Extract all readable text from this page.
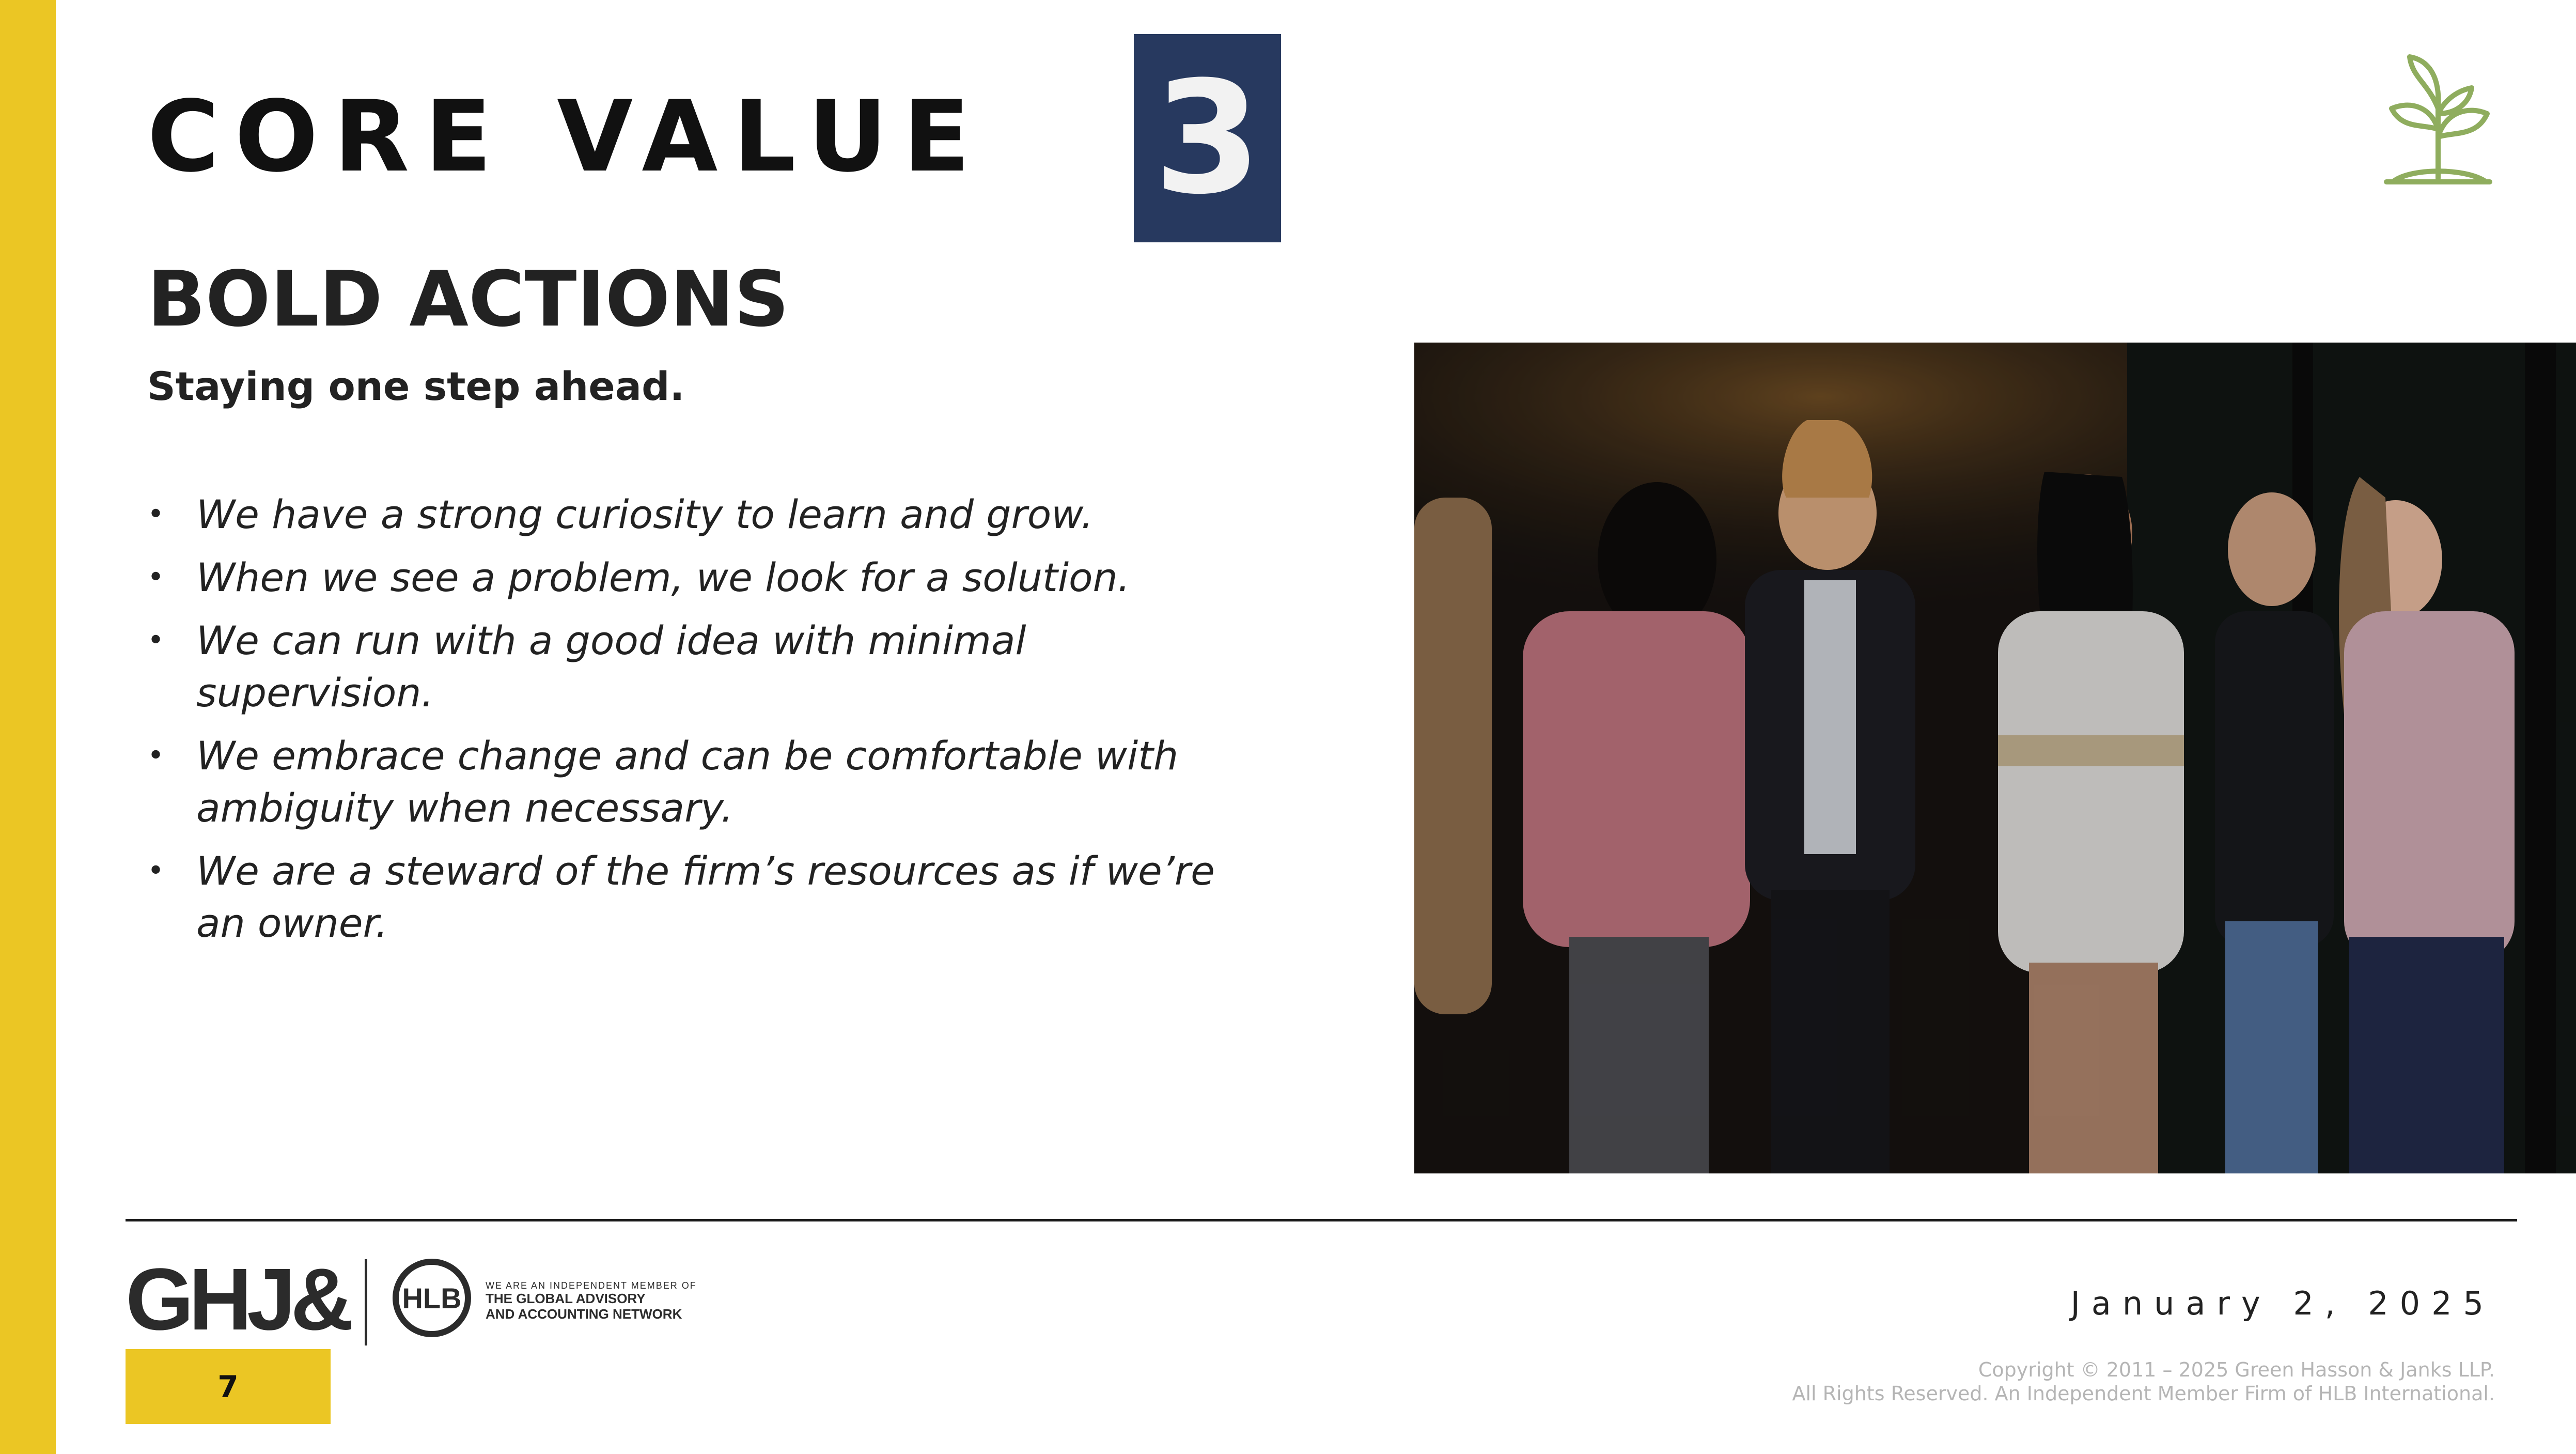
CORE VALUE 3
BOLD ACTIONS
Staying one step ahead.
• We have a strong curiosity to learn and grow.
• When we see a problem, we look for a solution.
• We can run with a good idea with minimal supervision.
• We embrace change and can be comfortable with ambiguity when necessary.
• We are a steward of the firm’s resources as if we’re an owner.
GHJ&	HLB	WE ARE AN INDEPENDENT MEMBER OF
THE GLOBAL ADVISORY
AND ACCOUNTING NETWORK
7
January 2, 2025
Copyright © 2011 – 2025 Green Hasson & Janks LLP.
All Rights Reserved. An Independent Member Firm of HLB International.
